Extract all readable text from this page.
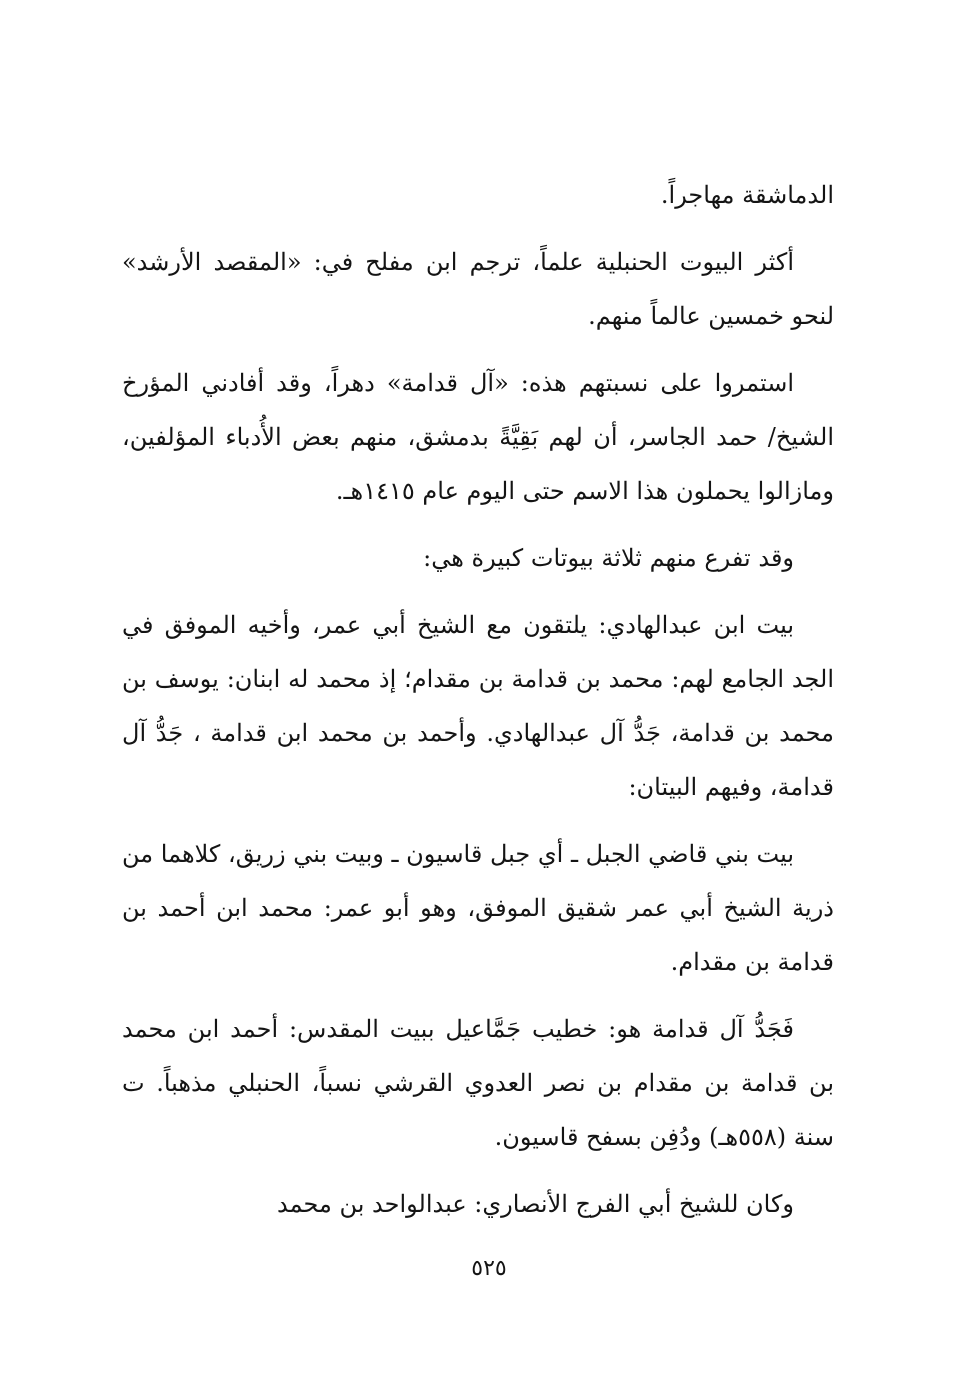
الدماشقة مهاجراً.

أكثر البيوت الحنبلية علماً، ترجم ابن مفلح في: «المقصد الأرشد» لنحو خمسين عالماً منهم.

استمروا على نسبتهم هذه: «آل قدامة» دهراً، وقد أفادني المؤرخ الشيخ/ حمد الجاسر، أن لهم بَقِيَّةً بدمشق، منهم بعض الأُدباء المؤلفين، ومازالوا يحملون هذا الاسم حتى اليوم عام ١٤١٥هـ.

وقد تفرع منهم ثلاثة بيوتات كبيرة هي:

بيت ابن عبدالهادي: يلتقون مع الشيخ أبي عمر، وأخيه الموفق في الجد الجامع لهم: محمد بن قدامة بن مقدام؛ إذ محمد له ابنان: يوسف بن محمد بن قدامة، جَدُّ آل عبدالهادي. وأحمد بن محمد ابن قدامة ، جَدُّ آل قدامة، وفيهم البيتان:

بيت بني قاضي الجبل ـ أي جبل قاسيون ـ وبيت بني زريق، كلاهما من ذرية الشيخ أبي عمر شقيق الموفق، وهو أبو عمر: محمد ابن أحمد بن قدامة بن مقدام.

فَجَدُّ آل قدامة هو: خطيب جَمَّاعيل ببيت المقدس: أحمد ابن محمد بن قدامة بن مقدام بن نصر العدوي القرشي نسباً، الحنبلي مذهباً. ت سنة (٥٥٨هـ) ودُفِن بسفح قاسيون.

وكان للشيخ أبي الفرج الأنصاري: عبدالواحد بن محمد

٥٢٥
